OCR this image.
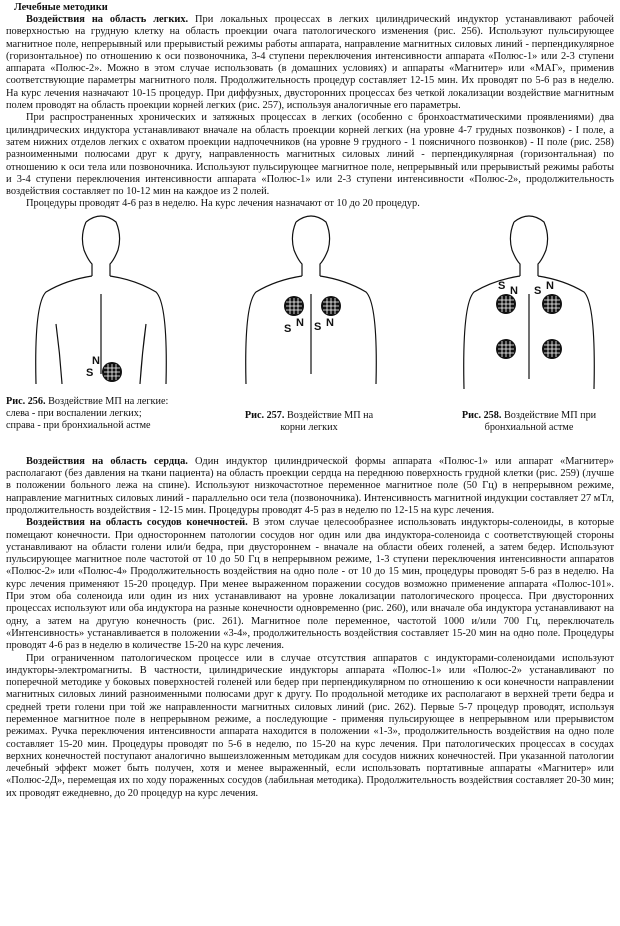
Лечебные методики

Воздействия на область легких. При локальных процессах в легких цилиндрический индуктор устанавливают рабочей поверхностью на грудную клетку на область проекции очага патологического изменения (рис. 256). Используют пульсирующее магнитное поле, непрерывный или прерывистый режимы работы аппарата, направление магнитных силовых линий - перпендикулярное (горизонтальное) по отношению к оси позвоночника, 3-4 ступени переключения интенсивности аппарата «Полюс-1» или 2-3 ступени аппарата «Полюс-2». Можно в этом случае использовать (в домашних условиях) и аппараты «Магнитер» или «МАГ», применив соответствующие параметры магнитного поля. Продолжительность процедур составляет 12-15 мин. Их проводят по 5-6 раз в неделю. На курс лечения назначают 10-15 процедур. При диффузных, двусторонних процессах без четкой локализации воздействие магнитным полем проводят на область проекции корней легких (рис. 257), используя аналогичные его параметры.

При распространенных хронических и затяжных процессах в легких (особенно с бронхоастматическими проявлениями) два цилиндрических индуктора устанавливают вначале на область проекции корней легких (на уровне 4-7 грудных позвонков) - I поле, а затем нижних отделов легких с охватом проекции надпочечников (на уровне 9 грудного - 1 поясничного позвонков) - II поле (рис. 258) разноименными полюсами друг к другу, направленность магнитных силовых линий - перпендикулярная (горизонтальная) по отношению к оси тела или позвоночника. Используют пульсирующее магнитное поле, непрерывный или прерывистый режимы работы и 3-4 ступени переключения интенсивности аппарата «Полюс-1» или 2-3 ступени интенсивности «Полюс-2», продолжительность воздействия составляет по 10-12 мин на каждое из 2 полей.

Процедуры проводят 4-6 раз в неделю. На курс лечения назначают от 10 до 20 процедур.

S
N
S N S N
S N S N
Рис. 256. Воздействие МП на легкие:
слева - при воспалении легких;
справа - при бронхиальной астме
Рис. 257. Воздействие МП на
корни легких
Рис. 258. Воздействие МП при
бронхиальной астме

Воздействия на область сердца. Один индуктор цилиндрической формы аппарата «Полюс-1» или аппарат «Магнитер» располагают (без давления на ткани пациента) на область проекции сердца на переднюю поверхность грудной клетки (рис. 259) (лучше в положении больного лежа на спине). Используют низкочастотное переменное магнитное поле (50 Гц) в непрерывном режиме, направление магнитных силовых линий - параллельно оси тела (позвоночника). Интенсивность магнитной индукции составляет 27 мТл, продолжительность воздействия - 12-15 мин. Процедуры проводят 4-5 раз в неделю по 12-15 на курс лечения.

Воздействия на область сосудов конечностей. В этом случае целесообразнее использовать индукторы-соленоиды, в которые помещают конечности. При одностороннем патологии сосудов ног один или два индуктора-соленоида с соответствующей стороны устанавливают на области голени или/и бедра, при двустороннем - вначале на области обеих голеней, а затем бедер. Используют пульсирующее магнитное поле частотой от 10 до 50 Гц в непрерывном режиме, 1-3 ступени переключения интенсивности аппаратов «Полюс-2» или «Полюс-4» Продолжительность воздействия на одно поле - от 10 до 15 мин, процедуры проводят 5-6 раз в неделю. На курс лечения применяют 15-20 процедур. При менее выраженном поражении сосудов возможно применение аппарата «Полюс-101». При этом оба соленоида или один из них устанавливают на уровне локализации патологического процесса. При двусторонних процессах используют или оба индуктора на разные конечности одновременно (рис. 260), или вначале оба индуктора устанавливают на одну, а затем на другую конечность (рис. 261). Магнитное поле переменное, частотой 1000 и/или 700 Гц, переключатель «Интенсивность» устанавливается в положении «3-4», продолжительность воздействия составляет 15-20 мин на одно поле. Процедуры проводят 4-6 раз в неделю в количестве 15-20 на курс лечения.

При ограниченном патологическом процессе или в случае отсутствия аппаратов с индукторами-соленоидами используют индукторы-электромагниты. В частности, цилиндрические индукторы аппарата «Полюс-1» или «Полюс-2» устанавливают по поперечной методике у боковых поверхностей голеней или бедер при перпендикулярном по отношению к оси конечности направлении магнитных силовых линий разноименными полюсами друг к другу. По продольной методике их располагают в верхней трети бедра и средней трети голени при той же направленности магнитных силовых линий (рис. 262). Первые 5-7 процедур проводят, используя переменное магнитное поле в непрерывном режиме, а последующие - применяя пульсирующее в непрерывном или прерывистом режимах. Ручка переключения интенсивности аппарата находится в положении «1-3», продолжительность воздействия на одно поле составляет 15-20 мин. Процедуры проводят по 5-6 в неделю, по 15-20 на курс лечения. При патологических процессах в сосудах верхних конечностей поступают аналогично вышеизложенным методикам для сосудов нижних конечностей. При указанной патологии лечебный эффект может быть получен, хотя и менее выраженный, если использовать портативные аппараты «Магнитер» или «Полюс-2Д», перемещая их по ходу пораженных сосудов (лабильная методика). Продолжительность воздействия составляет 20-30 мин; их проводят ежедневно, до 20 процедур на курс лечения.
